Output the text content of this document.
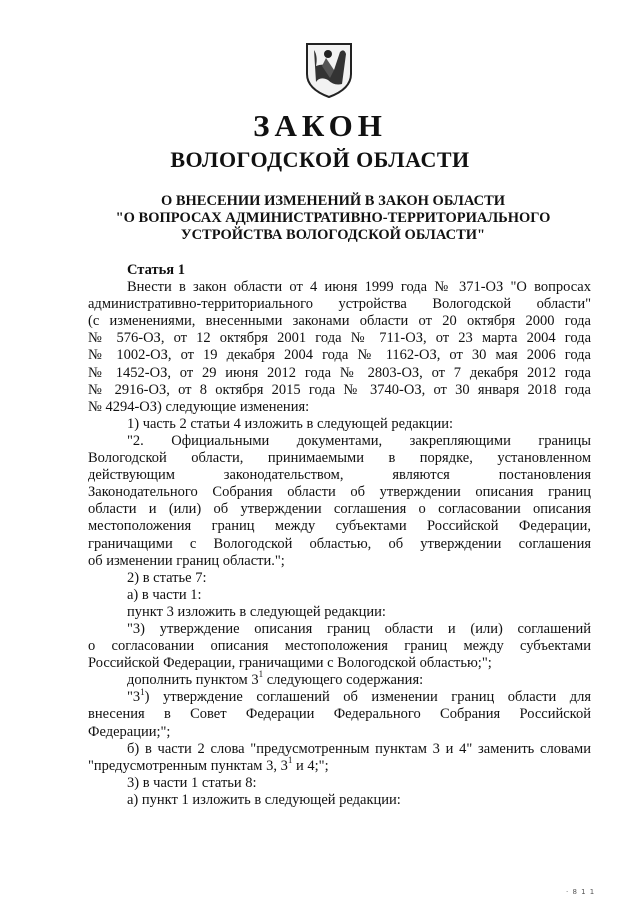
ЗАКОН
ВОЛОГОДСКОЙ ОБЛАСТИ
О ВНЕСЕНИИ ИЗМЕНЕНИЙ В ЗАКОН ОБЛАСТИ
"О ВОПРОСАХ АДМИНИСТРАТИВНО-ТЕРРИТОРИАЛЬНОГО
УСТРОЙСТВА ВОЛОГОДСКОЙ ОБЛАСТИ"
Статья 1
Внести в закон области от 4 июня 1999 года № 371-ОЗ "О вопросах
административно-территориального устройства Вологодской области"
(с изменениями, внесенными законами области от 20 октября 2000 года
№ 576-ОЗ, от 12 октября 2001 года № 711-ОЗ, от 23 марта 2004 года
№ 1002-ОЗ, от 19 декабря 2004 года № 1162-ОЗ, от 30 мая 2006 года
№ 1452-ОЗ, от 29 июня 2012 года № 2803-ОЗ, от 7 декабря 2012 года
№ 2916-ОЗ, от 8 октября 2015 года № 3740-ОЗ, от 30 января 2018 года
№ 4294-ОЗ) следующие изменения:
1) часть 2 статьи 4 изложить в следующей редакции:
"2. Официальными документами, закрепляющими границы
Вологодской области, принимаемыми в порядке, установленном
действующим законодательством, являются постановления
Законодательного Собрания области об утверждении описания границ
области и (или) об утверждении соглашения о согласовании описания
местоположения границ между субъектами Российской Федерации,
граничащими с Вологодской областью, об утверждении соглашения
об изменении границ области.";
2) в статье 7:
а) в части 1:
пункт 3 изложить в следующей редакции:
"3) утверждение описания границ области и (или) соглашений
о согласовании описания местоположения границ между субъектами
Российской Федерации, граничащими с Вологодской областью;";
дополнить пунктом $3^1$ следующего содержания:
"$3^1$) утверждение соглашений об изменении границ области для
внесения в Совет Федерации Федерального Собрания Российской
Федерации;";
б) в части 2 слова "предусмотренным пунктам 3 и 4" заменить словами
"предусмотренным пунктам 3, $3^1$ и 4;";
3) в части 1 статьи 8:
а) пункт 1 изложить в следующей редакции:
· 8 1 1
